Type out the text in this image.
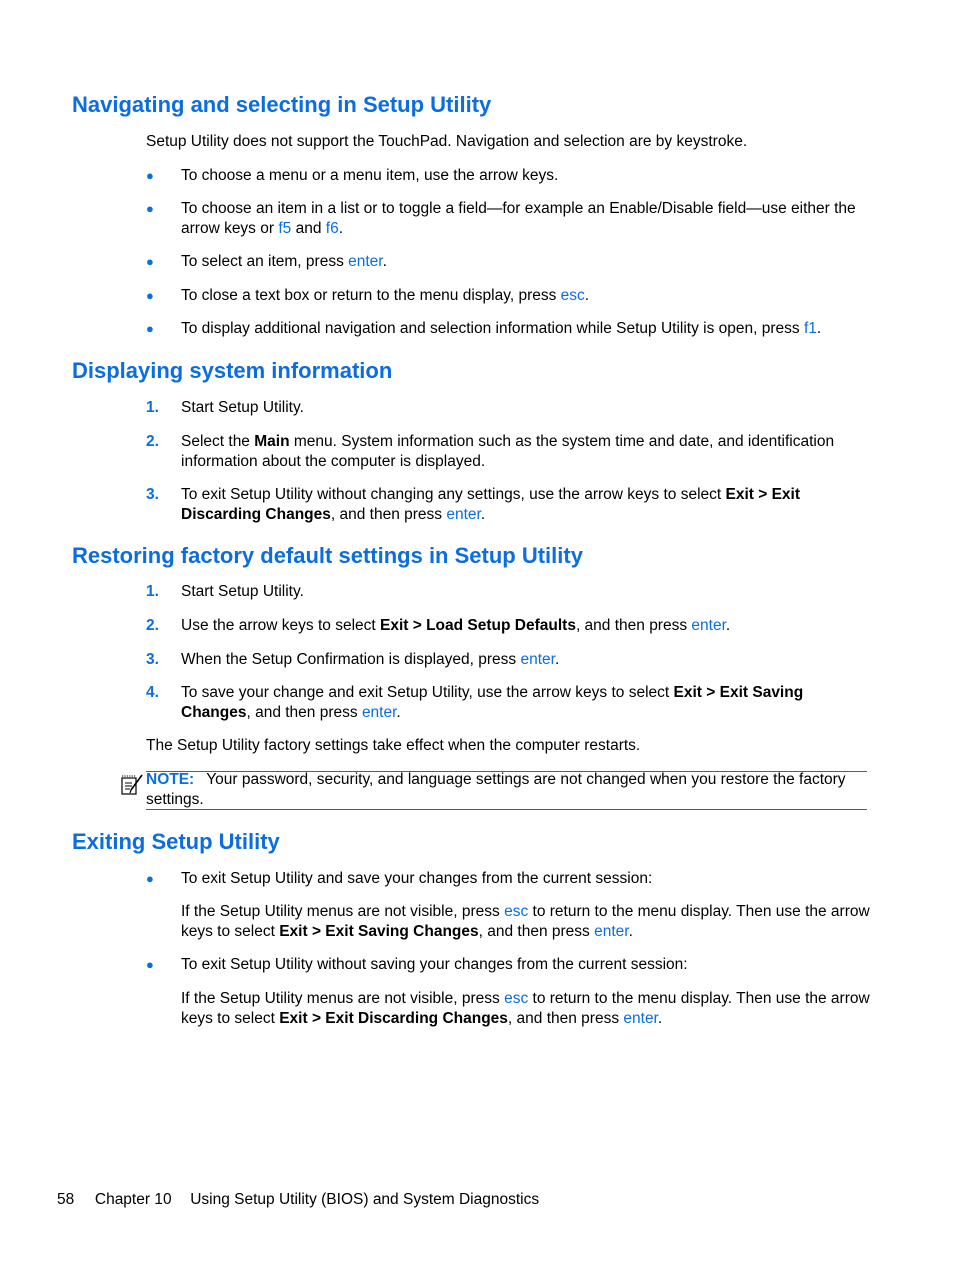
Navigating and selecting in Setup Utility
Setup Utility does not support the TouchPad. Navigation and selection are by keystroke.
● To choose a menu or a menu item, use the arrow keys.
● To choose an item in a list or to toggle a field—for example an Enable/Disable field—use either the arrow keys or f5 and f6.
● To select an item, press enter.
● To close a text box or return to the menu display, press esc.
● To display additional navigation and selection information while Setup Utility is open, press f1.
Displaying system information
1. Start Setup Utility.
2. Select the Main menu. System information such as the system time and date, and identification information about the computer is displayed.
3. To exit Setup Utility without changing any settings, use the arrow keys to select Exit > Exit Discarding Changes, and then press enter.
Restoring factory default settings in Setup Utility
1. Start Setup Utility.
2. Use the arrow keys to select Exit > Load Setup Defaults, and then press enter.
3. When the Setup Confirmation is displayed, press enter.
4. To save your change and exit Setup Utility, use the arrow keys to select Exit > Exit Saving Changes, and then press enter.
The Setup Utility factory settings take effect when the computer restarts.
NOTE: Your password, security, and language settings are not changed when you restore the factory settings.
Exiting Setup Utility
● To exit Setup Utility and save your changes from the current session:
If the Setup Utility menus are not visible, press esc to return to the menu display. Then use the arrow keys to select Exit > Exit Saving Changes, and then press enter.
● To exit Setup Utility without saving your changes from the current session:
If the Setup Utility menus are not visible, press esc to return to the menu display. Then use the arrow keys to select Exit > Exit Discarding Changes, and then press enter.
58 Chapter 10 Using Setup Utility (BIOS) and System Diagnostics
